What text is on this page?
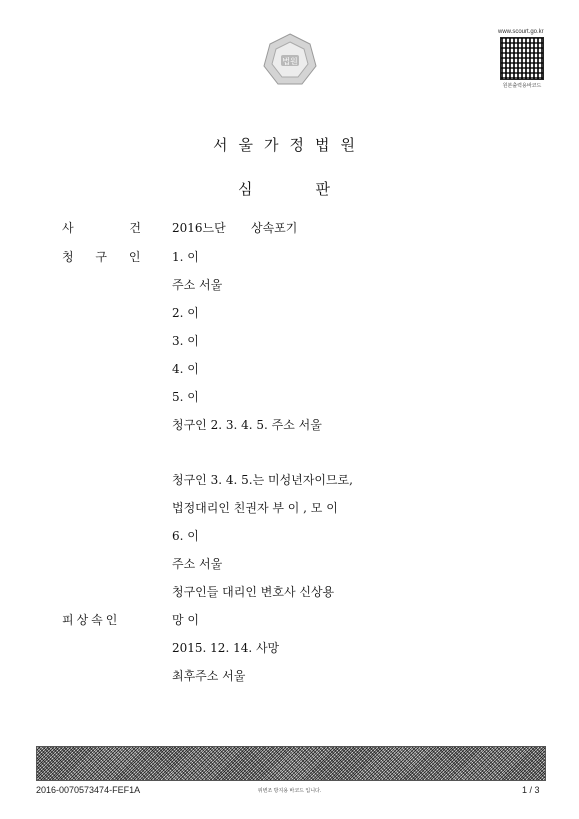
법원
www.scourt.go.kr
원본출력용바코드
서울가정법원
심	판
사 건 2016느단 상속포기
청 구 인 1. 이
주소 서울
2. 이
3. 이
4. 이
5. 이
청구인 2. 3. 4. 5. 주소 서울
청구인 3. 4. 5.는 미성년자이므로,
법정대리인 친권자 부 이 , 모 이
6. 이
주소 서울
청구인들 대리인 변호사 신상용
피상속인	망 이
2015. 12. 14. 사망
최후주소 서울
2016-0070573474-FEF1A	위변조 방지용 바코드 입니다.	1 / 3
